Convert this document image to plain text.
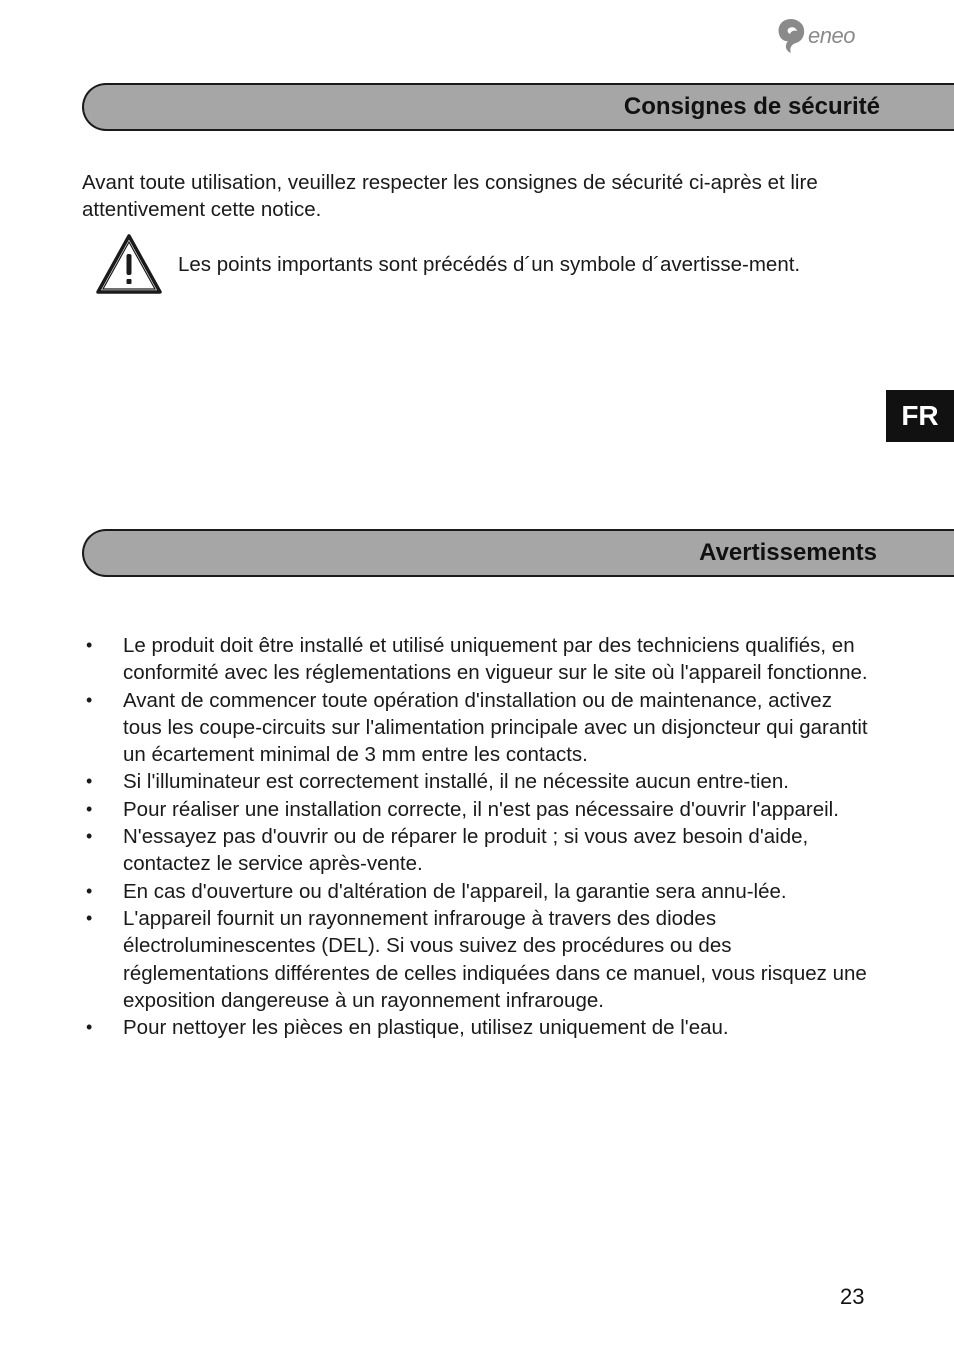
eneo
Consignes de sécurité

Avant toute utilisation, veuillez respecter les consignes de sécurité ci-après et lire attentivement cette notice.

Les points importants sont précédés d´un symbole d´avertisse-ment.

FR
Avertissements
• Le produit doit être installé et utilisé uniquement par des techniciens qualifiés, en conformité avec les réglementations en vigueur sur le site où l'appareil fonctionne.
• Avant de commencer toute opération d'installation ou de maintenance, activez tous les coupe-circuits sur l'alimentation principale avec un disjoncteur qui garantit un écartement minimal de 3 mm entre les contacts.
• Si l'illuminateur est correctement installé, il ne nécessite aucun entre-tien.
• Pour réaliser une installation correcte, il n'est pas nécessaire d'ouvrir l'appareil.
• N'essayez pas d'ouvrir ou de réparer le produit ; si vous avez besoin d'aide, contactez le service après-vente.
• En cas d'ouverture ou d'altération de l'appareil, la garantie sera annu-lée.
• L'appareil fournit un rayonnement infrarouge à travers des diodes électroluminescentes (DEL). Si vous suivez des procédures ou des réglementations différentes de celles indiquées dans ce manuel, vous risquez une exposition dangereuse à un rayonnement infrarouge.
• Pour nettoyer les pièces en plastique, utilisez uniquement de l'eau.
23
